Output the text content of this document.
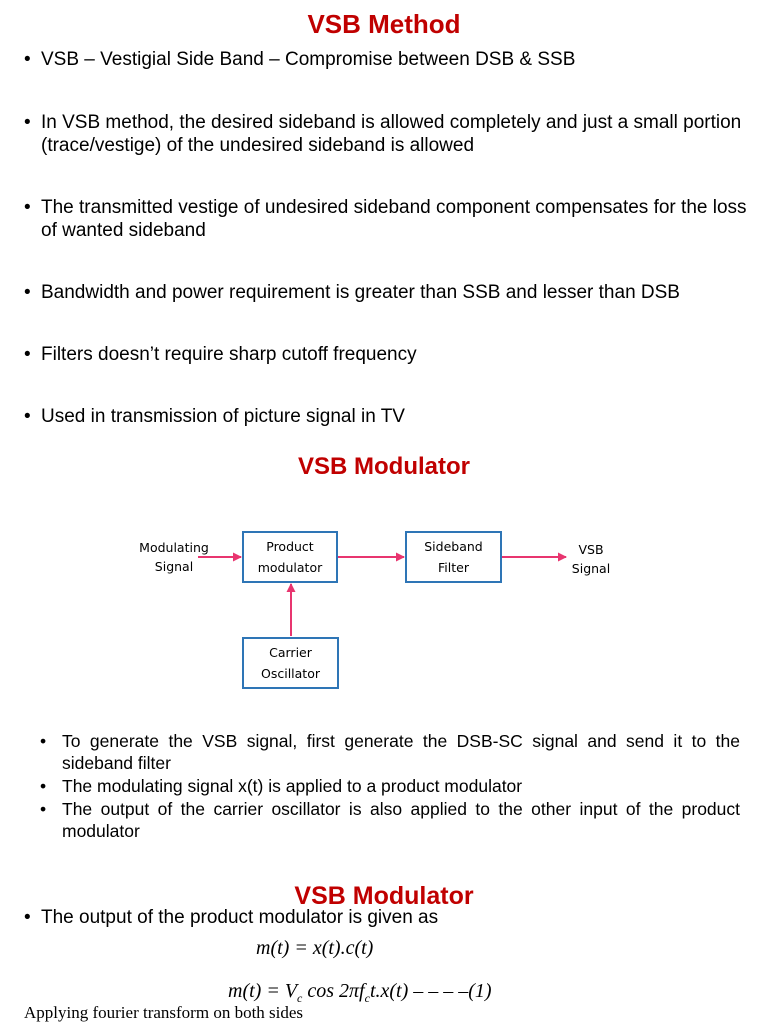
VSB Method
• VSB – Vestigial Side Band – Compromise between DSB & SSB
• In VSB method, the desired sideband is allowed completely and just a small portion (trace/vestige) of the undesired sideband is allowed
• The transmitted vestige of undesired sideband component compensates for the loss of wanted sideband
• Bandwidth and power requirement is greater than SSB and lesser than DSB
• Filters doesn’t require sharp cutoff frequency
• Used in transmission of picture signal in TV
VSB Modulator
Modulating
Signal
Product
modulator
Sideband
Filter
VSB
Signal
Carrier
Oscillator
• To generate the VSB signal, first generate the DSB-SC signal and send it to the sideband filter
• The modulating signal x(t) is applied to a product modulator
• The output of the carrier oscillator is also applied to the other input of the product modulator
VSB Modulator
• The output of the product modulator is given as
m(t) = x(t).c(t)
$m(t) = V_c$ $\cos 2\pi f_ct.x(t)$ – – – –(1)
Applying fourier transform on both sides
